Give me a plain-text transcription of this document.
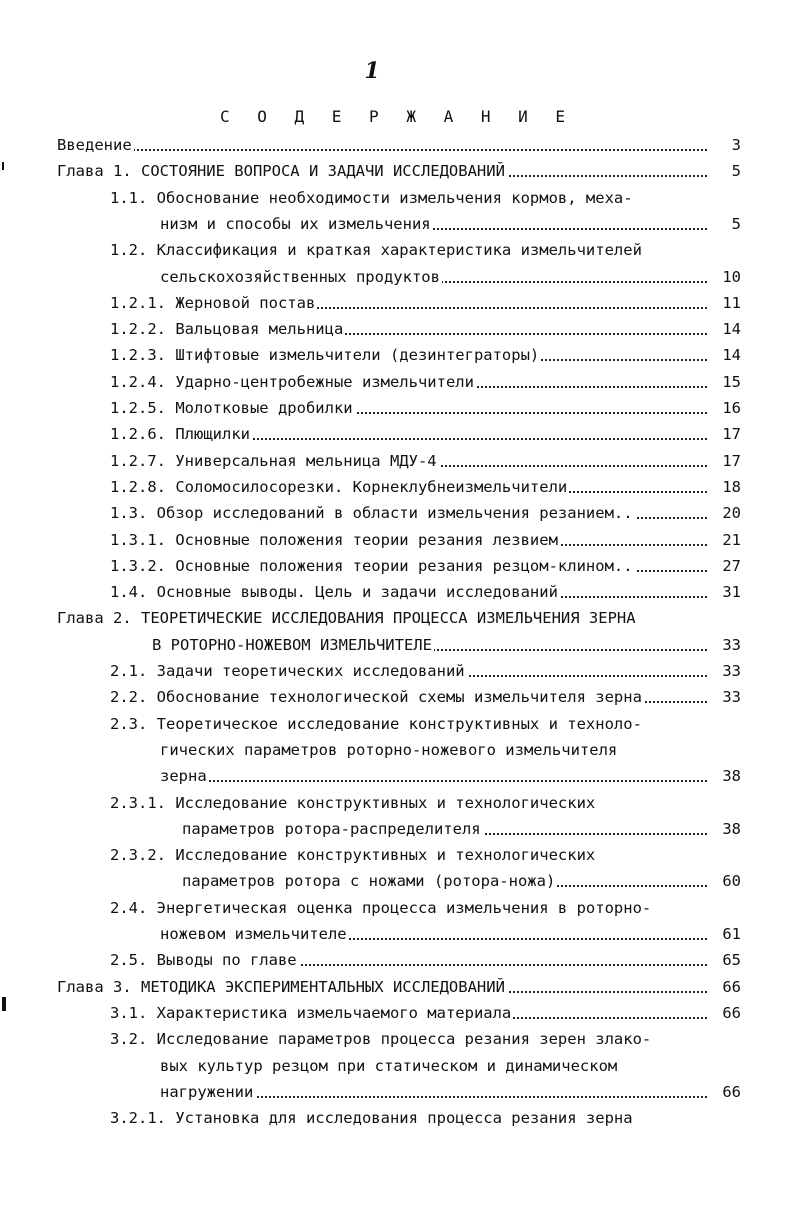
1
С О Д Е Р Ж А Н И Е
Введение	3
Глава 1. СОСТОЯНИЕ ВОПРОСА И ЗАДАЧИ ИССЛЕДОВАНИЙ	5
1.1. Обоснование необходимости измельчения кормов, меха-
низм и способы их измельчения	5
1.2. Классификация и краткая характеристика измельчителей
сельскохозяйственных продуктов	10
1.2.1. Жерновой постав	11
1.2.2. Вальцовая мельница	14
1.2.3. Штифтовые измельчители (дезинтеграторы)	14
1.2.4. Ударно-центробежные измельчители	15
1.2.5. Молотковые дробилки	16
1.2.6. Плющилки	17
1.2.7. Универсальная мельница МДУ-4	17
1.2.8. Соломосилосорезки. Корнеклубнеизмельчители	18
1.3. Обзор исследований в области измельчения резанием..	20
1.3.1. Основные положения теории резания лезвием	21
1.3.2. Основные положения теории резания резцом-клином..	27
1.4. Основные выводы. Цель и задачи исследований	31
Глава 2. ТЕОРЕТИЧЕСКИЕ ИССЛЕДОВАНИЯ ПРОЦЕССА ИЗМЕЛЬЧЕНИЯ ЗЕРНА
В РОТОРНО-НОЖЕВОМ ИЗМЕЛЬЧИТЕЛЕ	33
2.1. Задачи теоретических исследований	33
2.2. Обоснование технологической схемы измельчителя зерна	33
2.3. Теоретическое исследование конструктивных и техноло-
гических параметров роторно-ножевого измельчителя
зерна	38
2.3.1. Исследование конструктивных и технологических
параметров ротора-распределителя	38
2.3.2. Исследование конструктивных и технологических
параметров ротора с ножами (ротора-ножа)	60
2.4. Энергетическая оценка процесса измельчения в роторно-
ножевом измельчителе	61
2.5. Выводы по главе	65
Глава 3. МЕТОДИКА ЭКСПЕРИМЕНТАЛЬНЫХ ИССЛЕДОВАНИЙ	66
3.1. Характеристика измельчаемого материала	66
3.2. Исследование параметров процесса резания зерен злако-
вых культур резцом при статическом и динамическом
нагружении	66
3.2.1. Установка для исследования процесса резания зерна
